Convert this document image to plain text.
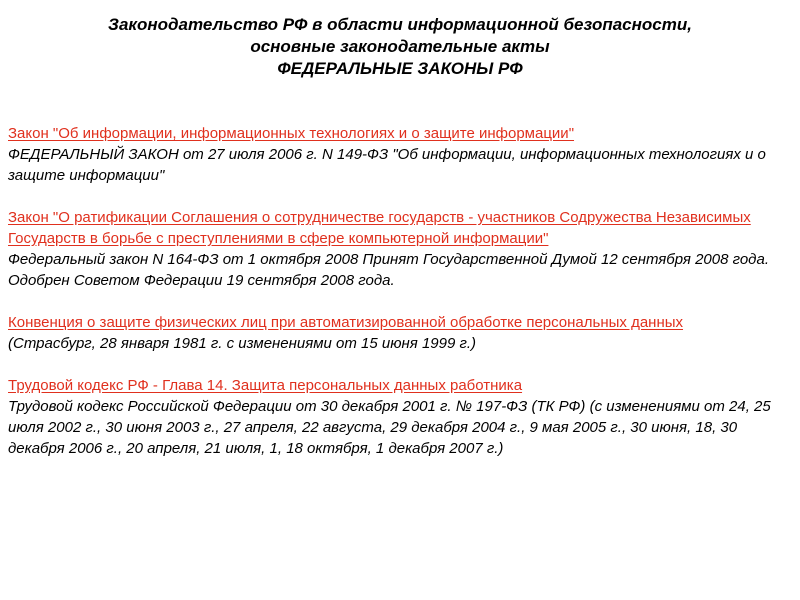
Законодательство РФ в области информационной безопасности,
основные законодательные акты
ФЕДЕРАЛЬНЫЕ ЗАКОНЫ РФ
Закон "Об информации, информационных технологиях и о защите информации"
ФЕДЕРАЛЬНЫЙ ЗАКОН от 27 июля 2006 г. N 149-ФЗ "Об информации, информационных технологиях и о защите информации"
Закон "О ратификации Соглашения о сотрудничестве государств - участников Содружества Независимых Государств в борьбе с преступлениями в сфере компьютерной информации"
Федеральный закон N 164-ФЗ от 1 октября 2008 Принят Государственной Думой 12 сентября 2008 года. Одобрен Советом Федерации 19 сентября 2008 года.
Конвенция о защите физических лиц при автоматизированной обработке персональных данных
(Страсбург, 28 января 1981 г. с изменениями от 15 июня 1999 г.)
Трудовой кодекс РФ - Глава 14. Защита персональных данных работника
Трудовой кодекс Российской Федерации от 30 декабря 2001 г. № 197-ФЗ (ТК РФ) (с изменениями от 24, 25 июля 2002 г., 30 июня 2003 г., 27 апреля, 22 августа, 29 декабря 2004 г., 9 мая 2005 г., 30 июня, 18, 30 декабря 2006 г., 20 апреля, 21 июля, 1, 18 октября, 1 декабря 2007 г.)
